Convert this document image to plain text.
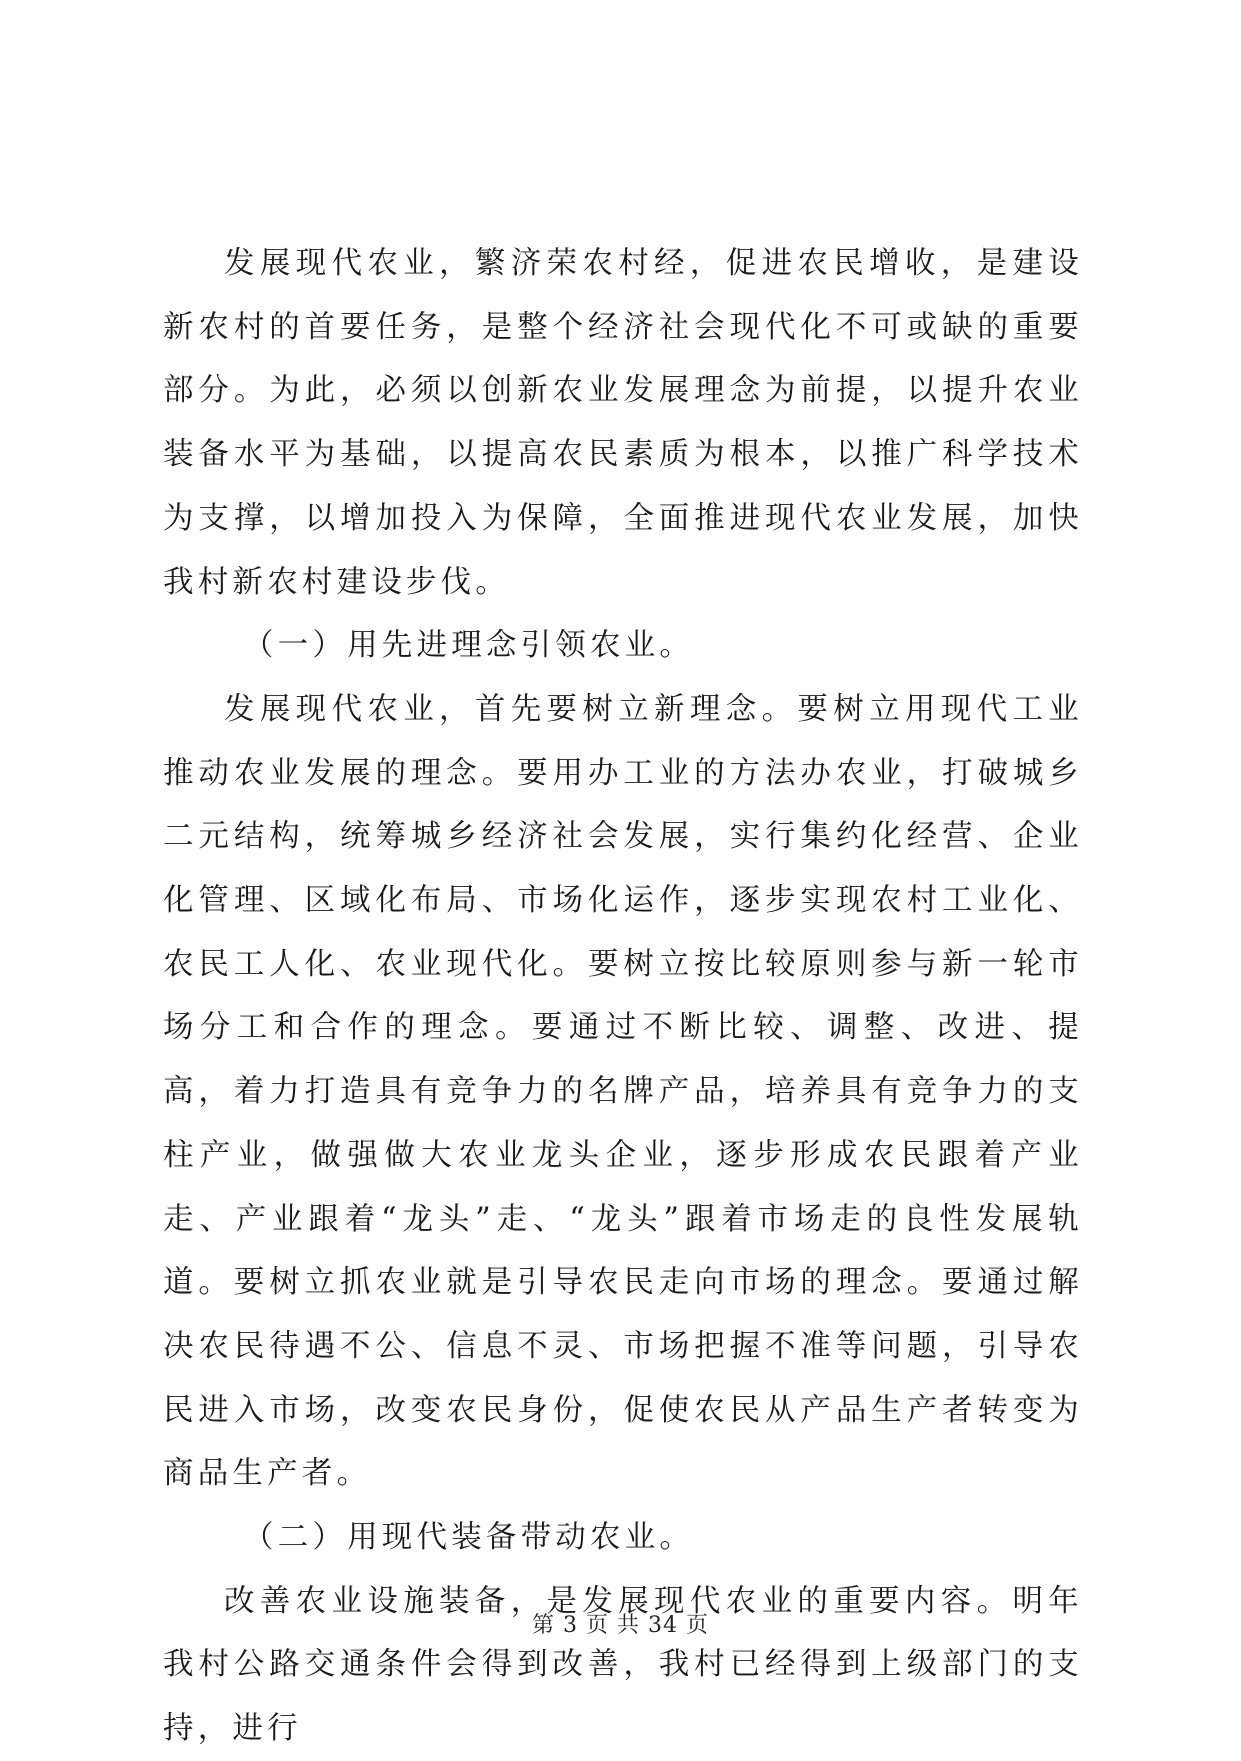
发展现代农业，繁济荣农村经，促进农民增收，是建设新农村的首要任务，是整个经济社会现代化不可或缺的重要部分。为此，必须以创新农业发展理念为前提，以提升农业装备水平为基础，以提高农民素质为根本，以推广科学技术为支撑，以增加投入为保障，全面推进现代农业发展，加快我村新农村建设步伐。

（一）用先进理念引领农业。

发展现代农业，首先要树立新理念。要树立用现代工业推动农业发展的理念。要用办工业的方法办农业，打破城乡二元结构，统筹城乡经济社会发展，实行集约化经营、企业化管理、区域化布局、市场化运作，逐步实现农村工业化、农民工人化、农业现代化。要树立按比较原则参与新一轮市场分工和合作的理念。要通过不断比较、调整、改进、提高，着力打造具有竞争力的名牌产品，培养具有竞争力的支柱产业，做强做大农业龙头企业，逐步形成农民跟着产业走、产业跟着“龙头”走、“龙头”跟着市场走的良性发展轨道。要树立抓农业就是引导农民走向市场的理念。要通过解决农民待遇不公、信息不灵、市场把握不准等问题，引导农民进入市场，改变农民身份，促使农民从产品生产者转变为商品生产者。

（二）用现代装备带动农业。

改善农业设施装备，是发展现代农业的重要内容。明年我村公路交通条件会得到改善，我村已经得到上级部门的支持，进行

第 3 页 共 34 页
